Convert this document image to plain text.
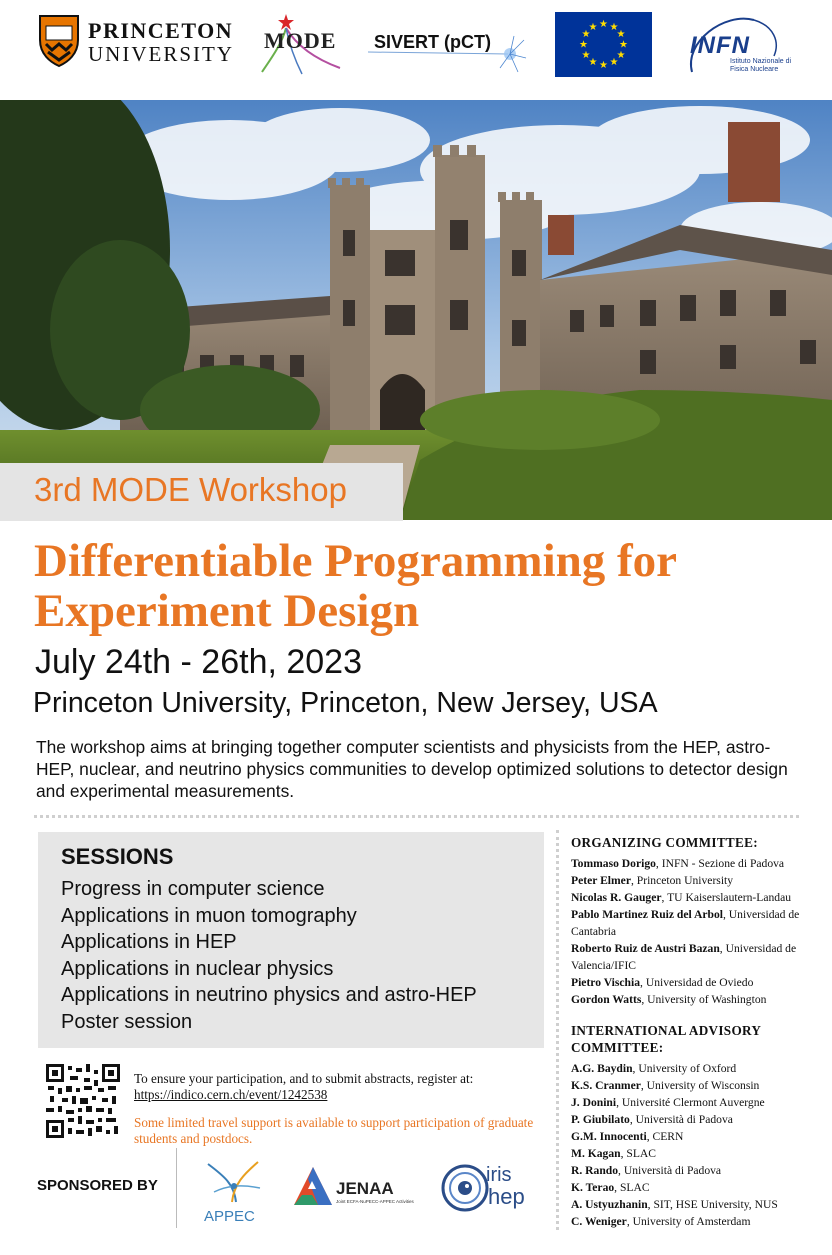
PRINCETON
UNIVERSITY
MODE SIVERT (pCT)
★ ★
★
★
★
★
★
★
★
★
★
★
INFN
Istituto Nazionale di Fisica Nucleare
3rd MODE Workshop
Differentiable Programming for Experiment Design
July 24th - 26th, 2023
Princeton University, Princeton, New Jersey, USA

The workshop aims at bringing together computer scientists and physicists from the HEP, astro-HEP, nuclear, and neutrino physics communities to develop optimized solutions to detector design and experimental measurements.

SESSIONS
Progress in computer science
Applications in muon tomography
Applications in HEP
Applications in nuclear physics
Applications in neutrino physics and astro-HEP
Poster session
To ensure your participation, and to submit abstracts, register at:
https://indico.cern.ch/event/1242538
Some limited travel support is available to support participation of graduate students and postdocs.
SPONSORED BY
APPEC
JENAA
Joint ECFA-NuPECC-APPEC Activities
iris
hep
ORGANIZING COMMITTEE:
Tommaso Dorigo, INFN - Sezione di Padova
Peter Elmer, Princeton University
Nicolas R. Gauger, TU Kaiserslautern-Landau
Pablo Martinez Ruiz del Arbol, Universidad de Cantabria
Roberto Ruiz de Austri Bazan, Universidad de Valencia/IFIC
Pietro Vischia, Universidad de Oviedo
Gordon Watts, University of Washington
INTERNATIONAL ADVISORY COMMITTEE:
A.G. Baydin, University of Oxford
K.S. Cranmer, University of Wisconsin
J. Donini, Université Clermont Auvergne
P. Giubilato, Università di Padova
G.M. Innocenti, CERN
M. Kagan, SLAC
R. Rando, Università di Padova
K. Terao, SLAC
A. Ustyuzhanin, SIT, HSE University, NUS
C. Weniger, University of Amsterdam
